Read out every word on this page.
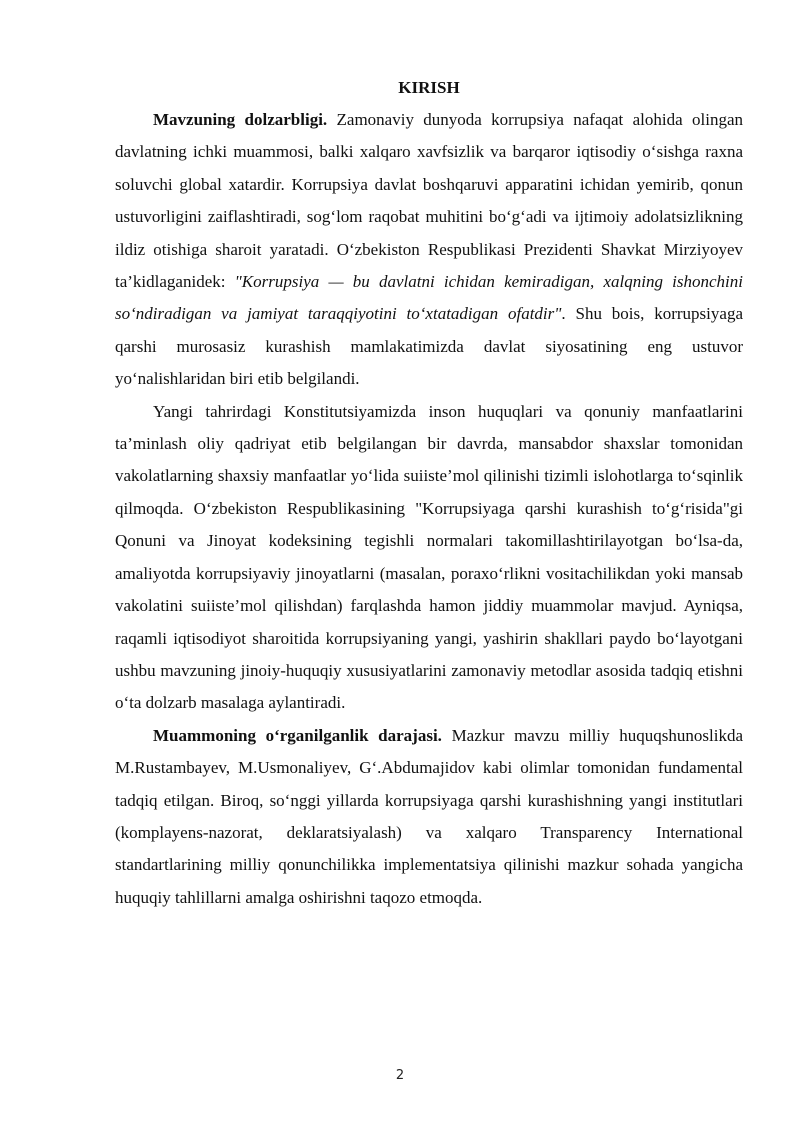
KIRISH

Mavzuning dolzarbligi. Zamonaviy dunyoda korrupsiya nafaqat alohida olingan davlatning ichki muammosi, balki xalqaro xavfsizlik va barqaror iqtisodiy o‘sishga raxna soluvchi global xatardir. Korrupsiya davlat boshqaruvi apparatini ichidan yemirib, qonun ustuvorligini zaiflashtiradi, sog‘lom raqobat muhitini bo‘g‘adi va ijtimoiy adolatsizlikning ildiz otishiga sharoit yaratadi. O‘zbekiston Respublikasi Prezidenti Shavkat Mirziyoyev ta’kidlaganidek: "Korrupsiya — bu davlatni ichidan kemiradigan, xalqning ishonchini so‘ndiradigan va jamiyat taraqqiyotini to‘xtatadigan ofatdir". Shu bois, korrupsiyaga qarshi murosasiz kurashish mamlakatimizda davlat siyosatining eng ustuvor yo‘nalishlaridan biri etib belgilandi.

Yangi tahrirdagi Konstitutsiyamizda inson huquqlari va qonuniy manfaatlarini ta’minlash oliy qadriyat etib belgilangan bir davrda, mansabdor shaxslar tomonidan vakolatlarning shaxsiy manfaatlar yo‘lida suiiste’mol qilinishi tizimli islohotlarga to‘sqinlik qilmoqda. O‘zbekiston Respublikasining "Korrupsiyaga qarshi kurashish to‘g‘risida"gi Qonuni va Jinoyat kodeksining tegishli normalari takomillashtirilayotgan bo‘lsa-da, amaliyotda korrupsiyaviy jinoyatlarni (masalan, poraxo‘rlikni vositachilikdan yoki mansab vakolatini suiiste’mol qilishdan) farqlashda hamon jiddiy muammolar mavjud. Ayniqsa, raqamli iqtisodiyot sharoitida korrupsiyaning yangi, yashirin shakllari paydo bo‘layotgani ushbu mavzuning jinoiy-huquqiy xususiyatlarini zamonaviy metodlar asosida tadqiq etishni o‘ta dolzarb masalaga aylantiradi.

Muammoning o‘rganilganlik darajasi. Mazkur mavzu milliy huquqshunoslikda M.Rustambayev, M.Usmonaliyev, G‘.Abdumajidov kabi olimlar tomonidan fundamental tadqiq etilgan. Biroq, so‘nggi yillarda korrupsiyaga qarshi kurashishning yangi institutlari (komplayens-nazorat, deklaratsiyalash) va xalqaro Transparency International standartlarining milliy qonunchilikka implementatsiya qilinishi mazkur sohada yangicha huquqiy tahlillarni amalga oshirishni taqozo etmoqda.

2
